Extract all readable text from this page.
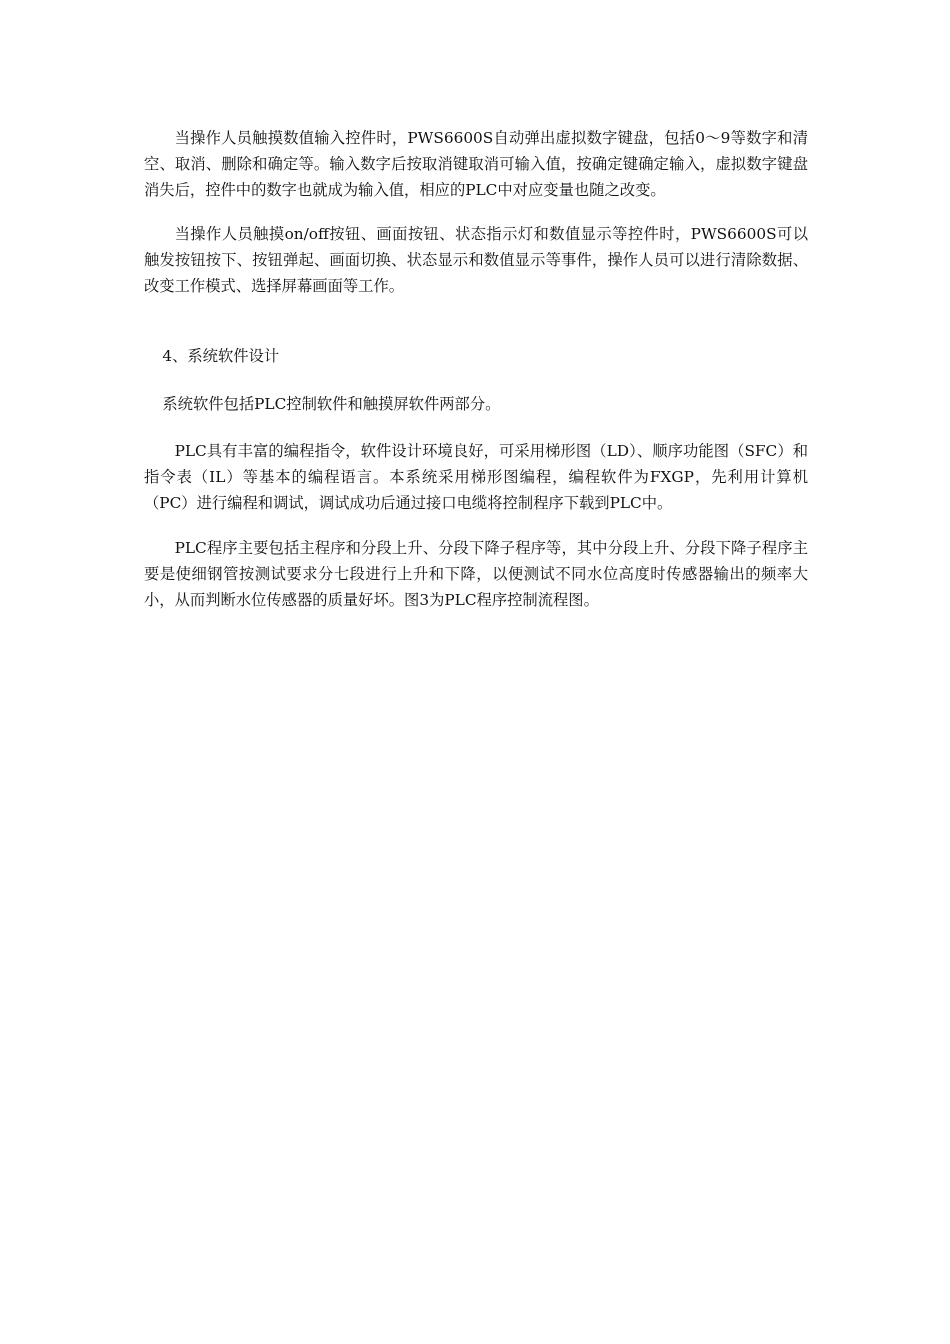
当操作人员触摸数值输入控件时，PWS6600S自动弹出虚拟数字键盘，包括0～9等数字和清空、取消、删除和确定等。输入数字后按取消键取消可输入值，按确定键确定输入，虚拟数字键盘消失后，控件中的数字也就成为输入值，相应的PLC中对应变量也随之改变。

当操作人员触摸on/off按钮、画面按钮、状态指示灯和数值显示等控件时，PWS6600S可以触发按钮按下、按钮弹起、画面切换、状态显示和数值显示等事件，操作人员可以进行清除数据、改变工作模式、选择屏幕画面等工作。

4、系统软件设计

系统软件包括PLC控制软件和触摸屏软件两部分。

PLC具有丰富的编程指令，软件设计环境良好，可采用梯形图（LD）、顺序功能图（SFC）和指令表（IL）等基本的编程语言。本系统采用梯形图编程，编程软件为FXGP，先利用计算机（PC）进行编程和调试，调试成功后通过接口电缆将控制程序下载到PLC中。

PLC程序主要包括主程序和分段上升、分段下降子程序等，其中分段上升、分段下降子程序主要是使细钢管按测试要求分七段进行上升和下降，以便测试不同水位高度时传感器输出的频率大小，从而判断水位传感器的质量好坏。图3为PLC程序控制流程图。
